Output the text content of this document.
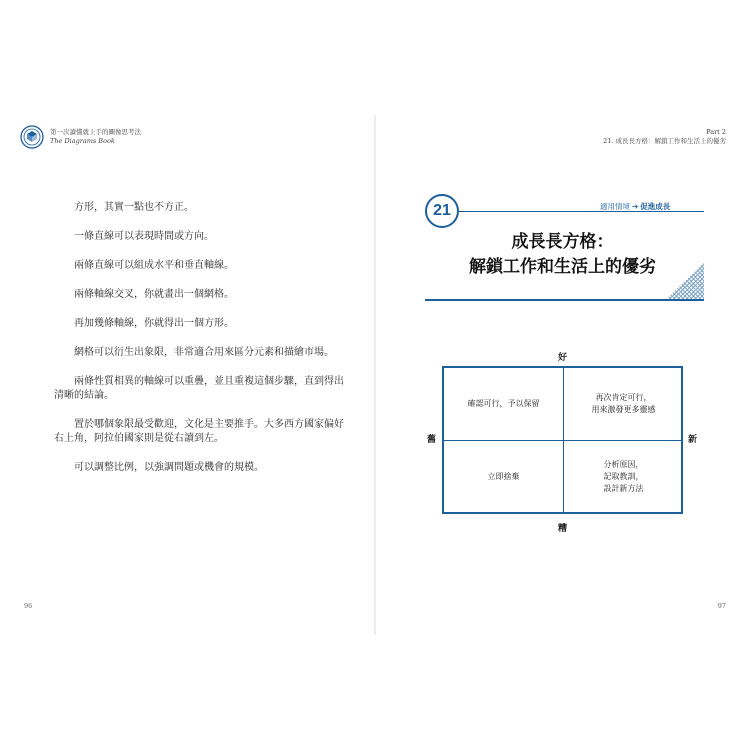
第一次讀懂就上手的圖像思考法
The Diagrams Book
Part 2
21. 成長長方格：解鎖工作和生活上的優劣

方形，其實一點也不方正。

一條直線可以表現時間或方向。

兩條直線可以組成水平和垂直軸線。

兩條軸線交叉，你就畫出一個網格。

再加幾條軸線，你就得出一個方形。

網格可以衍生出象限，非常適合用來區分元素和描繪市場。

兩條性質相異的軸線可以重疊，並且重複這個步驟，直到得出清晰的結論。

置於哪個象限最受歡迎，文化是主要推手。大多西方國家偏好右上角，阿拉伯國家則是從右讀到左。

可以調整比例，以強調問題或機會的規模。

96
21	適用情境 ➔ 促進成長
成長長方格：
解鎖工作和生活上的優劣
好
糟
舊	新
確認可行，予以保留
再次肯定可行，
用來激發更多靈感
立即捨棄
分析原因，
記取教訓，
設計新方法
97
